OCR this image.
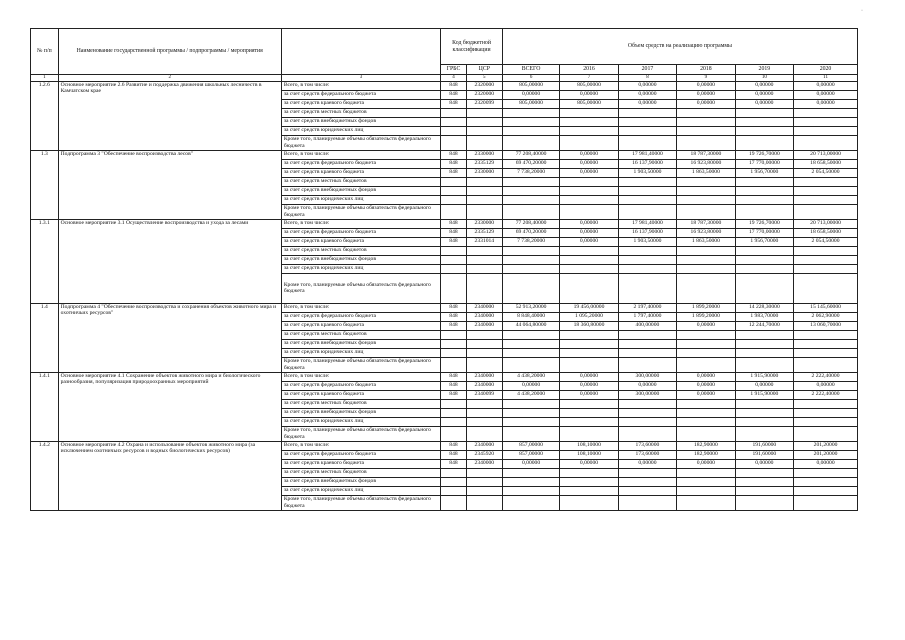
·
№ п/п	Наименование государственной программы / подпрограммы / мероприятия		Код бюджетной классификации		Объем средств на реализацию программы					
			ГРБС	ЦСР	ВСЕГО	2016	2017	2018	2019	2020
1	2	3	4	5	6	7	8	9	10	11
1.2.6	Основное мероприятие 2.6 Развитие и поддержка движения школьных лесничеств в Камчатском крае	Всего, в том числе:	848	2320000	805,00000	805,00000	0,00000	0,00000	0,00000	0,00000
		за счет средств федерального бюджета	848	2320000	0,00000	0,00000	0,00000	0,00000	0,00000	0,00000
		за счет средств краевого бюджета	848	2320099	805,00000	805,00000	0,00000	0,00000	0,00000	0,00000
		за счет средств местных бюджетов								
		за счет средств внебюджетных фондов								
		за счет средств юридических лиц								
		Кроме того, планируемые объемы обязательств федерального бюджета								
1.3	Подпрограмма 3 "Обеспечение воспроизводства лесов"	Всего, в том числе:	848	2330000	77 208,40000	0,00000	17 981,40000	18 787,30000	19 726,70000	20 713,00000
		за счет средств федерального бюджета	848	2335129	69 470,20000	0,00000	16 137,90000	16 923,80000	17 770,00000	18 658,50000
		за счет средств краевого бюджета	848	2330000	7 738,20000	0,00000	1 903,50000	1 863,50000	1 956,70000	2 054,50000
		за счет средств местных бюджетов								
		за счет средств внебюджетных фондов								
		за счет средств юридических лиц								
		Кроме того, планируемые объемы обязательств федерального бюджета								
1.3.1	Основное мероприятие 3.1 Осуществление воспроизводства и ухода за лесами	Всего, в том числе:	848	2330000	77 208,40000	0,00000	17 981,40000	18 787,30000	19 726,70000	20 713,00000
		за счет средств федерального бюджета	848	2335129	69 470,20000	0,00000	16 137,90000	16 923,80000	17 770,00000	18 658,50000
		за счет средств краевого бюджета	848	2331014	7 738,20000	0,00000	1 903,50000	1 863,50000	1 956,70000	2 054,50000
		за счет средств местных бюджетов								
		за счет средств внебюджетных фондов								
		за счет средств юридических лиц								
		Кроме того, планируемые объемы обязательств федерального бюджета								
1.4	Подпрограмма 4 "Обеспечение воспроизводства и сохранения объектов животного мира и охотничьих ресурсов"	Всего, в том числе:	848	2340000	52 913,20000	19 456,00000	2 197,40000	1 899,20000	14 228,30000	15 145,60000
		за счет средств федерального бюджета	848	2340000	8 848,40000	1 095,20000	1 797,40000	1 899,20000	1 983,70000	2 062,90000
		за счет средств краевого бюджета	848	2340000	44 064,80000	18 360,80000	400,00000	0,00000	12 244,70000	13 060,70000
		за счет средств местных бюджетов								
		за счет средств внебюджетных фондов								
		за счет средств юридических лиц								
		Кроме того, планируемые объемы обязательств федерального бюджета								
1.4.1	Основное мероприятие 4.1 Сохранение объектов животного мира и биологического разнообразия, популяризация природоохранных мероприятий	Всего, в том числе:	848	2340000	4 438,20000	0,00000	300,00000	0,00000	1 915,90000	2 222,40000
		за счет средств федерального бюджета	848	2340000	0,00000	0,00000	0,00000	0,00000	0,00000	0,00000
		за счет средств краевого бюджета	848	2340099	4 438,20000	0,00000	300,00000	0,00000	1 915,90000	2 222,40000
		за счет средств местных бюджетов								
		за счет средств внебюджетных фондов								
		за счет средств юридических лиц								
		Кроме того, планируемые объемы обязательств федерального бюджета								
1.4.2	Основное мероприятие 4.2 Охрана и использование объектов животного мира (за исключением охотничьих ресурсов и водных биологических ресурсов)	Всего, в том числе:	848	2340000	857,00000	108,10000	173,60000	182,90000	191,60000	201,20000
		за счет средств федерального бюджета	848	2345920	857,00000	108,10000	173,60000	182,90000	191,60000	201,20000
		за счет средств краевого бюджета	848	2340000	0,00000	0,00000	0,00000	0,00000	0,00000	0,00000
		за счет средств местных бюджетов								
		за счет средств внебюджетных фондов								
		за счет средств юридических лиц								
		Кроме того, планируемые объемы обязательств федерального бюджета								
